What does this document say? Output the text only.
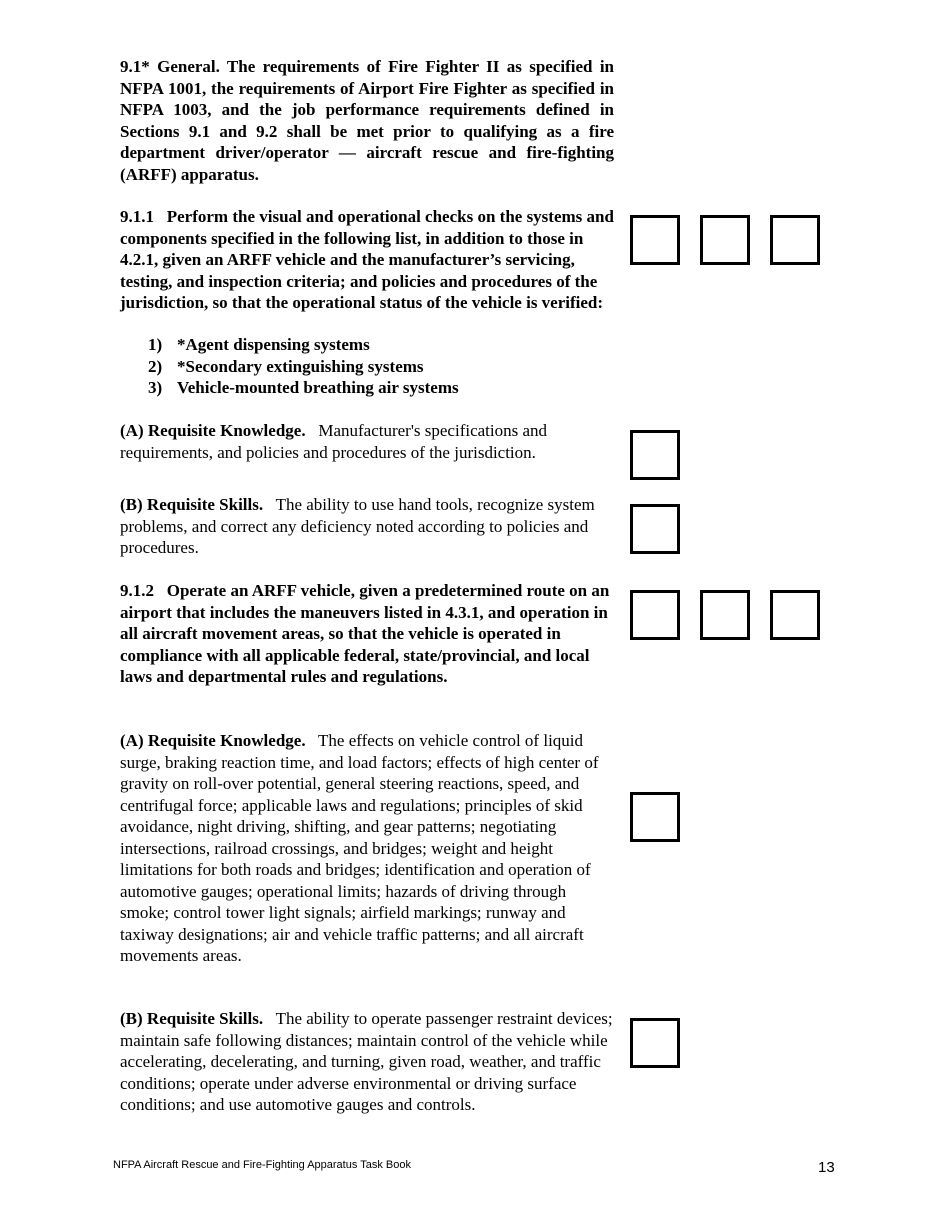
9.1* General. The requirements of Fire Fighter II as specified in NFPA 1001, the requirements of Airport Fire Fighter as specified in NFPA 1003, and the job performance requirements defined in Sections 9.1 and 9.2 shall be met prior to qualifying as a fire department driver/operator — aircraft rescue and fire-fighting (ARFF) apparatus.

9.1.1 Perform the visual and operational checks on the systems and components specified in the following list, in addition to those in 4.2.1, given an ARFF vehicle and the manufacturer’s servicing, testing, and inspection criteria; and policies and procedures of the jurisdiction, so that the operational status of the vehicle is verified:

1) *Agent dispensing systems
2) *Secondary extinguishing systems
3) Vehicle-mounted breathing air systems

(A) Requisite Knowledge. Manufacturer's specifications and requirements, and policies and procedures of the jurisdiction.

(B) Requisite Skills. The ability to use hand tools, recognize system problems, and correct any deficiency noted according to policies and procedures.

9.1.2 Operate an ARFF vehicle, given a predetermined route on an airport that includes the maneuvers listed in 4.3.1, and operation in all aircraft movement areas, so that the vehicle is operated in compliance with all applicable federal, state/provincial, and local laws and departmental rules and regulations.

(A) Requisite Knowledge. The effects on vehicle control of liquid surge, braking reaction time, and load factors; effects of high center of gravity on roll-over potential, general steering reactions, speed, and centrifugal force; applicable laws and regulations; principles of skid avoidance, night driving, shifting, and gear patterns; negotiating intersections, railroad crossings, and bridges; weight and height limitations for both roads and bridges; identification and operation of automotive gauges; operational limits; hazards of driving through smoke; control tower light signals; airfield markings; runway and taxiway designations; air and vehicle traffic patterns; and all aircraft movements areas.

(B) Requisite Skills. The ability to operate passenger restraint devices; maintain safe following distances; maintain control of the vehicle while accelerating, decelerating, and turning, given road, weather, and traffic conditions; operate under adverse environmental or driving surface conditions; and use automotive gauges and controls.

NFPA Aircraft Rescue and Fire-Fighting Apparatus Task Book	13
